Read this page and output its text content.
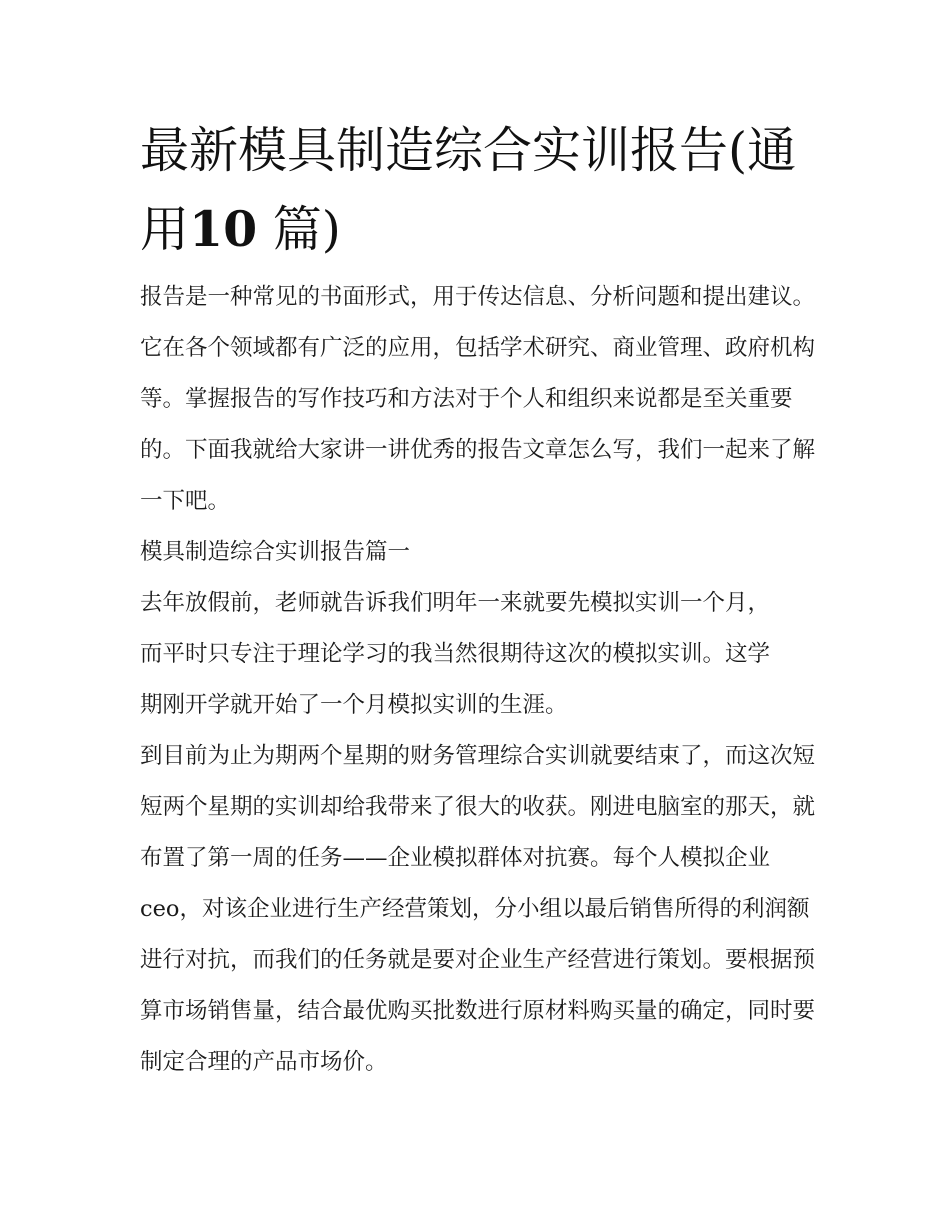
最新模具制造综合实训报告(通
用10 篇)

报告是一种常见的书面形式，用于传达信息、分析问题和提出建议。它在各个领域都有广泛的应用，包括学术研究、商业管理、政府机构等。掌握报告的写作技巧和方法对于个人和组织来说都是至关重要的。下面我就给大家讲一讲优秀的报告文章怎么写，我们一起来了解一下吧。

模具制造综合实训报告篇一

去年放假前，老师就告诉我们明年一来就要先模拟实训一个月，而平时只专注于理论学习的我当然很期待这次的模拟实训。这学期刚开学就开始了一个月模拟实训的生涯。

到目前为止为期两个星期的财务管理综合实训就要结束了，而这次短短两个星期的实训却给我带来了很大的收获。刚进电脑室的那天，就布置了第一周的任务——企业模拟群体对抗赛。每个人模拟企业ceo，对该企业进行生产经营策划，分小组以最后销售所得的利润额进行对抗，而我们的任务就是要对企业生产经营进行策划。要根据预算市场销售量，结合最优购买批数进行原材料购买量的确定，同时要制定合理的产品市场价。
